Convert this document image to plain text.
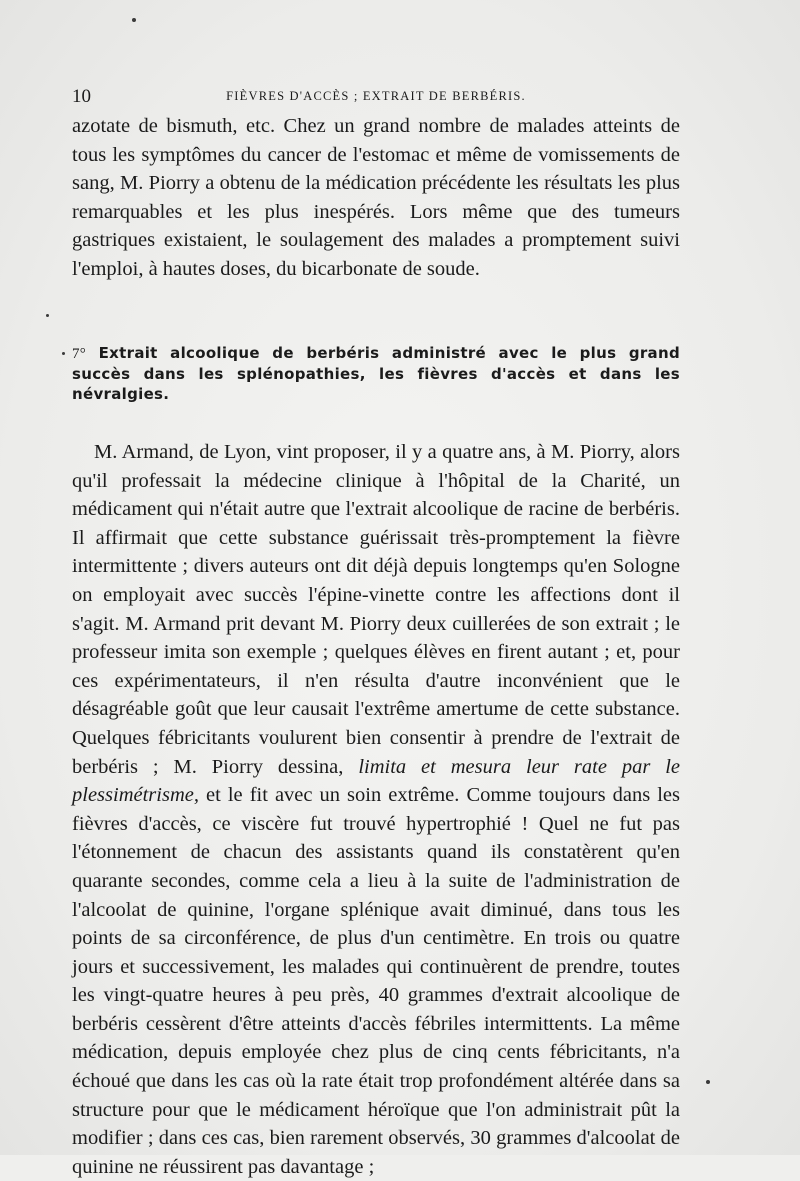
10	FIÈVRES D'ACCÈS ; EXTRAIT DE BERBÉRIS.

azotate de bismuth, etc. Chez un grand nombre de malades atteints de tous les symptômes du cancer de l'estomac et même de vomissements de sang, M. Piorry a obtenu de la médication précédente les résultats les plus remarquables et les plus inespérés. Lors même que des tumeurs gastriques existaient, le soulagement des malades a promptement suivi l'emploi, à hautes doses, du bicarbonate de soude.

7° Extrait alcoolique de berbéris administré avec le plus grand succès dans les splénopathies, les fièvres d'accès et dans les névralgies.

M. Armand, de Lyon, vint proposer, il y a quatre ans, à M. Piorry, alors qu'il professait la médecine clinique à l'hôpital de la Charité, un médicament qui n'était autre que l'extrait alcoolique de racine de berbéris. Il affirmait que cette substance guérissait très-promptement la fièvre intermittente ; divers auteurs ont dit déjà depuis longtemps qu'en Sologne on employait avec succès l'épine-vinette contre les affections dont il s'agit. M. Armand prit devant M. Piorry deux cuillerées de son extrait ; le professeur imita son exemple ; quelques élèves en firent autant ; et, pour ces expérimentateurs, il n'en résulta d'autre inconvénient que le désagréable goût que leur causait l'extrême amertume de cette substance. Quelques fébricitants voulurent bien consentir à prendre de l'extrait de berbéris ; M. Piorry dessina, limita et mesura leur rate par le plessimétrisme, et le fit avec un soin extrême. Comme toujours dans les fièvres d'accès, ce viscère fut trouvé hypertrophié ! Quel ne fut pas l'étonnement de chacun des assistants quand ils constatèrent qu'en quarante secondes, comme cela a lieu à la suite de l'administration de l'alcoolat de quinine, l'organe splénique avait diminué, dans tous les points de sa circonférence, de plus d'un centimètre. En trois ou quatre jours et successivement, les malades qui continuèrent de prendre, toutes les vingt-quatre heures à peu près, 40 grammes d'extrait alcoolique de berbéris cessèrent d'être atteints d'accès fébriles intermittents. La même médication, depuis employée chez plus de cinq cents fébricitants, n'a échoué que dans les cas où la rate était trop profondément altérée dans sa structure pour que le médicament héroïque que l'on administrait pût la modifier ; dans ces cas, bien rarement observés, 30 grammes d'alcoolat de quinine ne réussirent pas davantage ;
